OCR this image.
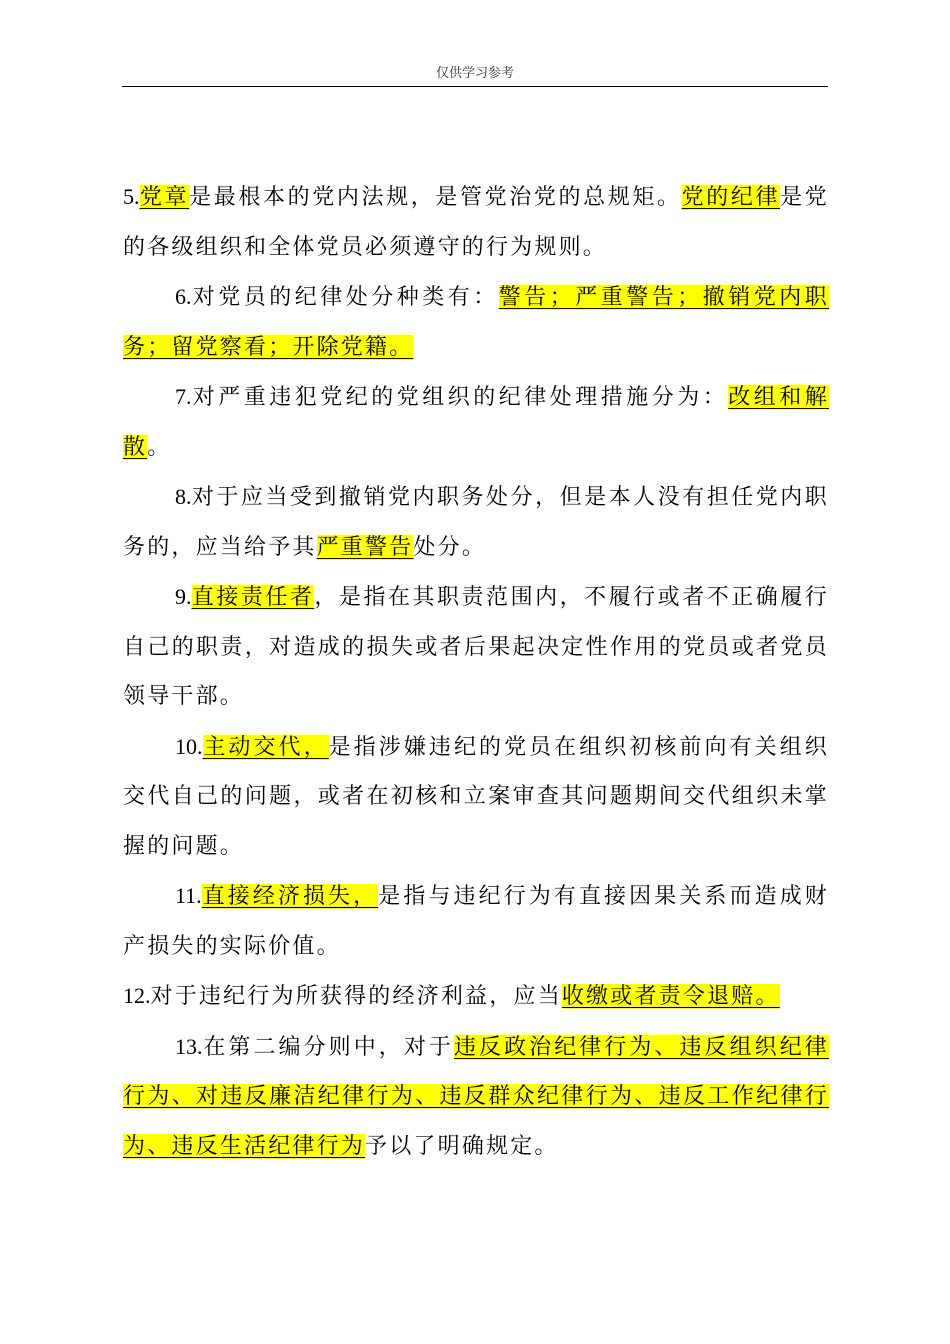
仅供学习参考

5.党章是最根本的党内法规，是管党治党的总规矩。党的纪律是党的各级组织和全体党员必须遵守的行为规则。

6.对党员的纪律处分种类有：警告；严重警告；撤销党内职务；留党察看；开除党籍。

7.对严重违犯党纪的党组织的纪律处理措施分为：改组和解散。

8.对于应当受到撤销党内职务处分，但是本人没有担任党内职务的，应当给予其严重警告处分。

9.直接责任者，是指在其职责范围内，不履行或者不正确履行自己的职责，对造成的损失或者后果起决定性作用的党员或者党员领导干部。

10.主动交代，是指涉嫌违纪的党员在组织初核前向有关组织交代自己的问题，或者在初核和立案审查其问题期间交代组织未掌握的问题。

11.直接经济损失，是指与违纪行为有直接因果关系而造成财产损失的实际价值。

12.对于违纪行为所获得的经济利益，应当收缴或者责令退赔。

13.在第二编分则中，对于违反政治纪律行为、违反组织纪律行为、对违反廉洁纪律行为、违反群众纪律行为、违反工作纪律行为、违反生活纪律行为予以了明确规定。
